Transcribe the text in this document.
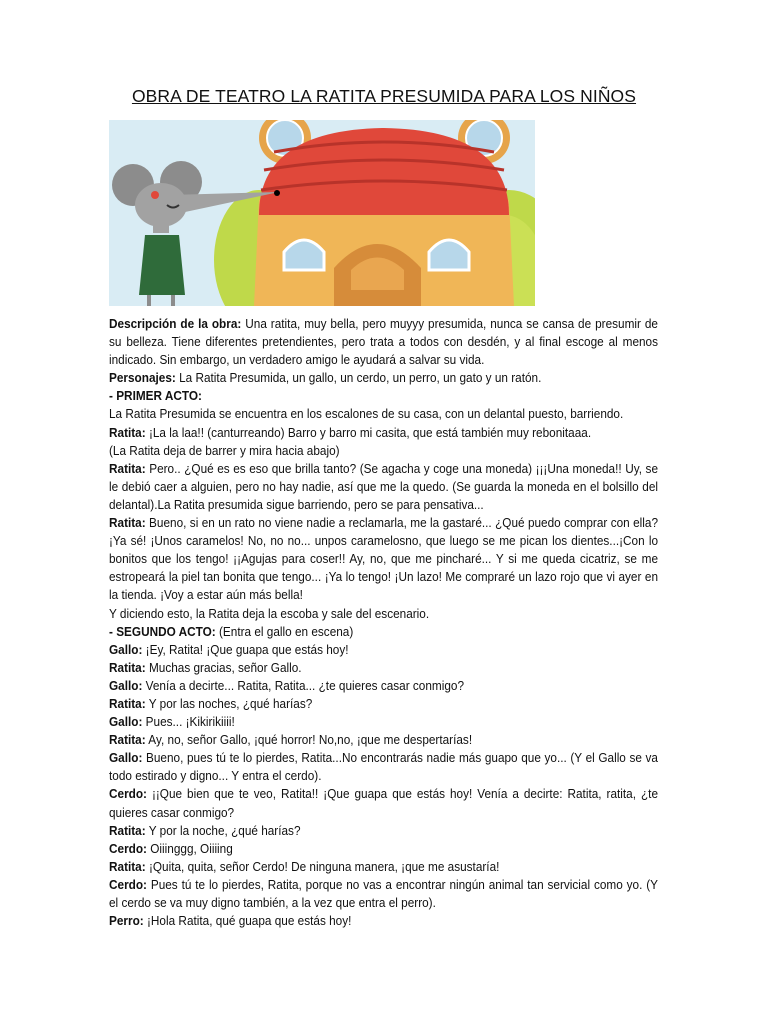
OBRA DE TEATRO LA RATITA PRESUMIDA PARA LOS NIÑOS
Descripción de la obra: Una ratita, muy bella, pero muyyy presumida, nunca se cansa de presumir de su belleza. Tiene diferentes pretendientes, pero trata a todos con desdén, y al final escoge al menos indicado. Sin embargo, un verdadero amigo le ayudará a salvar su vida.
Personajes: La Ratita Presumida, un gallo, un cerdo, un perro, un gato y un ratón.
- PRIMER ACTO:
La Ratita Presumida se encuentra en los escalones de su casa, con un delantal puesto, barriendo.
Ratita: ¡La la laa!! (canturreando) Barro y barro mi casita, que está también muy rebonitaaa.
(La Ratita deja de barrer y mira hacia abajo)
Ratita: Pero.. ¿Qué es es eso que brilla tanto? (Se agacha y coge una moneda) ¡¡¡Una moneda!! Uy, se le debió caer a alguien, pero no hay nadie, así que me la quedo. (Se guarda la moneda en el bolsillo del delantal).La Ratita presumida sigue barriendo, pero se para pensativa...
Ratita: Bueno, si en un rato no viene nadie a reclamarla, me la gastaré... ¿Qué puedo comprar con ella? ¡Ya sé! ¡Unos caramelos! No, no no... unpos caramelosno, que luego se me pican los dientes...¡Con lo bonitos que los tengo! ¡¡Agujas para coser!! Ay, no, que me pincharé... Y si me queda cicatriz, se me estropeará la piel tan bonita que tengo... ¡Ya lo tengo! ¡Un lazo! Me compraré un lazo rojo que vi ayer en la tienda. ¡Voy a estar aún más bella!
Y diciendo esto, la Ratita deja la escoba y sale del escenario.
- SEGUNDO ACTO: (Entra el gallo en escena)
Gallo: ¡Ey, Ratita! ¡Que guapa que estás hoy!
Ratita: Muchas gracias, señor Gallo.
Gallo: Venía a decirte... Ratita, Ratita... ¿te quieres casar conmigo?
Ratita: Y por las noches, ¿qué harías?
Gallo: Pues... ¡Kikirikiiii!
Ratita: Ay, no, señor Gallo, ¡qué horror! No,no, ¡que me despertarías!
Gallo: Bueno, pues tú te lo pierdes, Ratita...No encontrarás nadie más guapo que yo... (Y el Gallo se va todo estirado y digno... Y entra el cerdo).
Cerdo: ¡¡Que bien que te veo, Ratita!! ¡Que guapa que estás hoy! Venía a decirte: Ratita, ratita, ¿te quieres casar conmigo?
Ratita: Y por la noche, ¿qué harías?
Cerdo: Oiiinggg, Oiiiing
Ratita: ¡Quita, quita, señor Cerdo! De ninguna manera, ¡que me asustaría!
Cerdo: Pues tú te lo pierdes, Ratita, porque no vas a encontrar ningún animal tan servicial como yo. (Y el cerdo se va muy digno también, a la vez que entra el perro).
Perro: ¡Hola Ratita, qué guapa que estás hoy!
